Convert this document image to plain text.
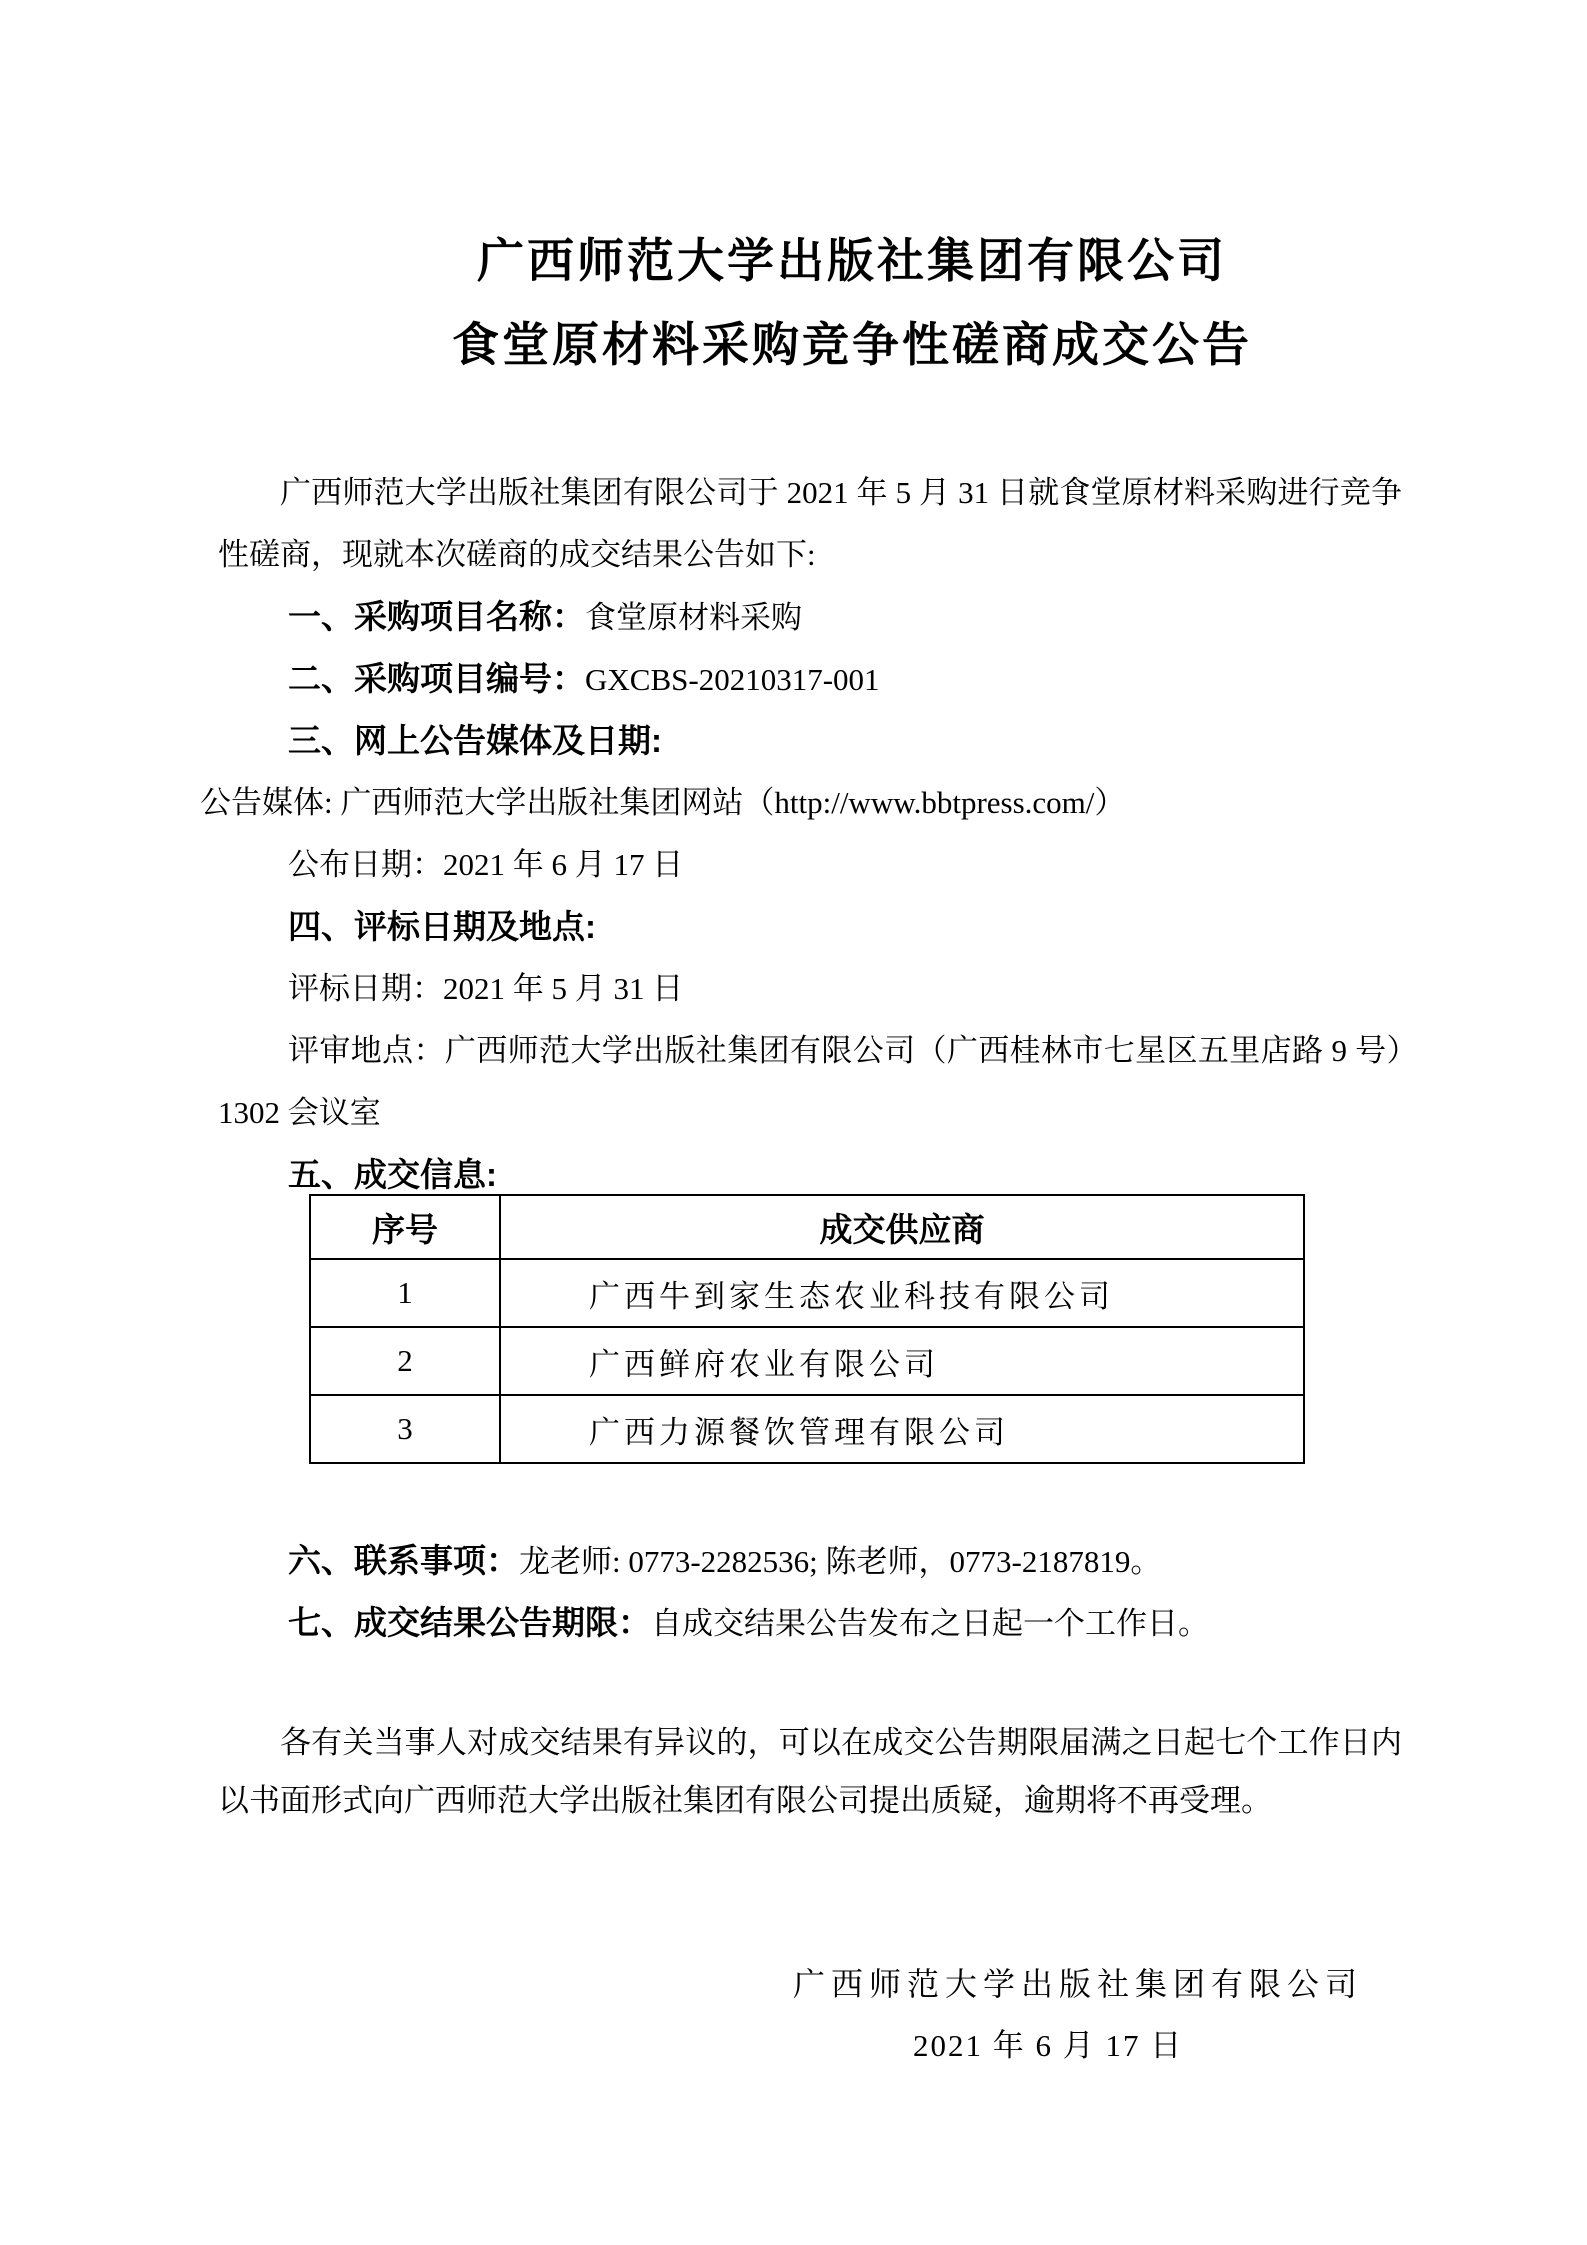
广西师范大学出版社集团有限公司
食堂原材料采购竞争性磋商成交公告
广西师范大学出版社集团有限公司于 2021 年 5 月 31 日就食堂原材料采购进行竞争性磋商，现就本次磋商的成交结果公告如下:
一、采购项目名称：食堂原材料采购
二、采购项目编号：GXCBS-20210317-001
三、网上公告媒体及日期:
公告媒体: 广西师范大学出版社集团网站（http://www.bbtpress.com/）
公布日期：2021 年 6 月 17 日
四、评标日期及地点:
评标日期：2021 年 5 月 31 日
评审地点：广西师范大学出版社集团有限公司（广西桂林市七星区五里店路 9 号）1302 会议室
五、成交信息:
序号	成交供应商
1	广西牛到家生态农业科技有限公司
2	广西鲜府农业有限公司
3	广西力源餐饮管理有限公司
六、联系事项：龙老师: 0773-2282536; 陈老师，0773-2187819。
七、成交结果公告期限：自成交结果公告发布之日起一个工作日。
各有关当事人对成交结果有异议的，可以在成交公告期限届满之日起七个工作日内以书面形式向广西师范大学出版社集团有限公司提出质疑，逾期将不再受理。
广西师范大学出版社集团有限公司
2021 年 6 月 17 日
